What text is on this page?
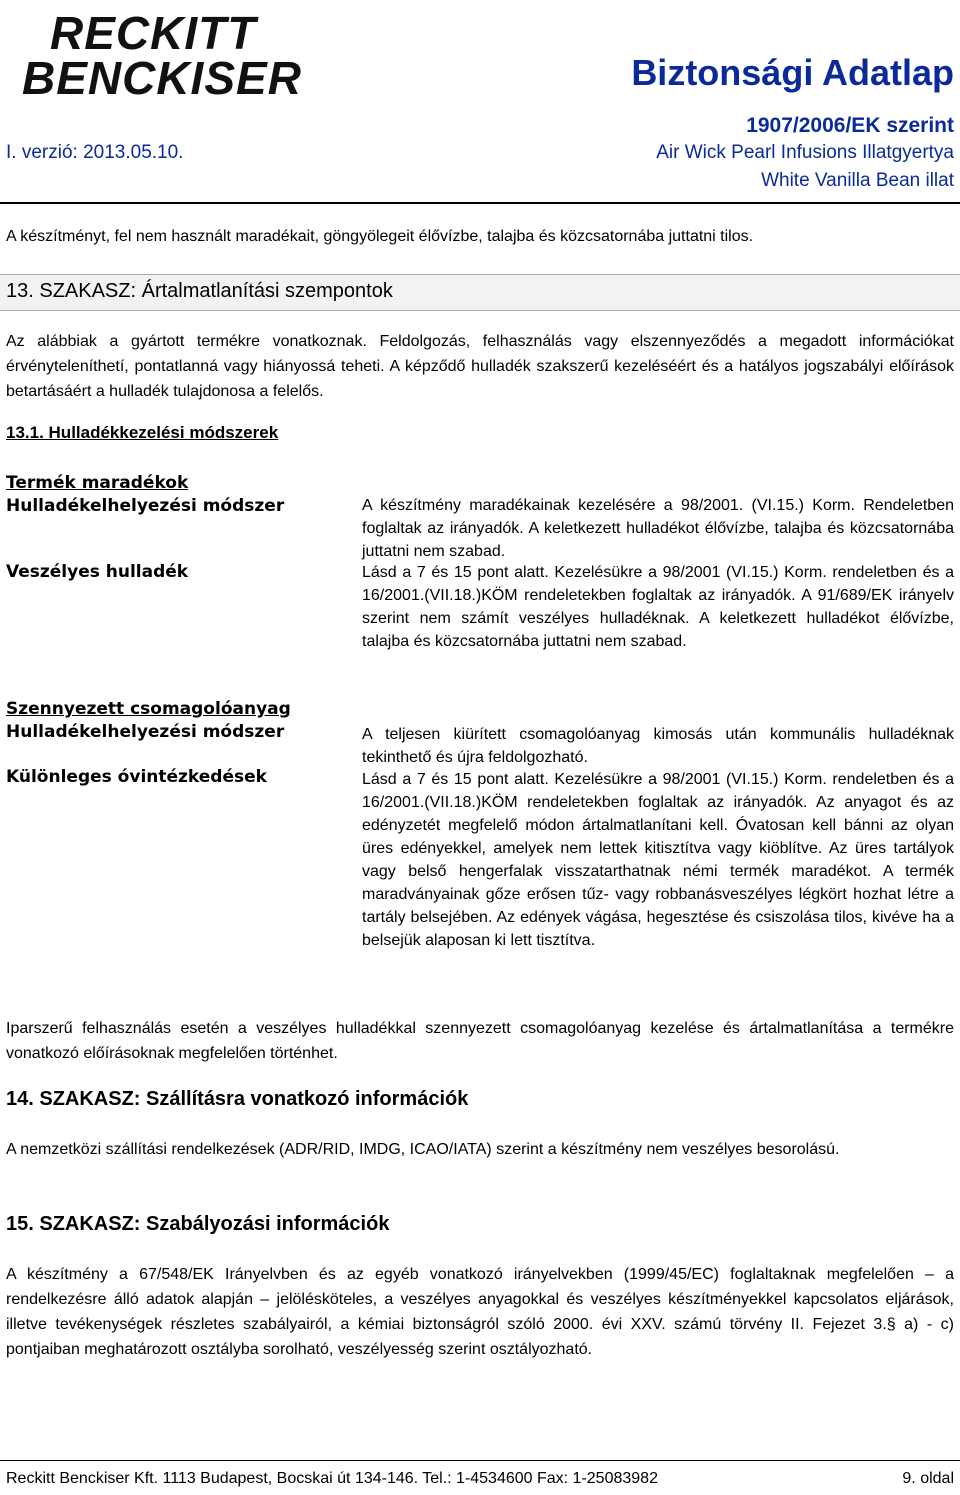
RECKITT
BENCKISER
I. verzió: 2013.05.10.
Biztonsági Adatlap
1907/2006/EK szerint
Air Wick Pearl Infusions Illatgyertya
White Vanilla Bean illat
A készítményt, fel nem használt maradékait, göngyölegeit élővízbe, talajba és közcsatornába juttatni tilos.
13. SZAKASZ: Ártalmatlanítási szempontok
Az alábbiak a gyártott termékre vonatkoznak. Feldolgozás, felhasználás vagy elszennyeződés a megadott információkat érvényteleníthetí, pontatlanná vagy hiányossá teheti. A képződő hulladék szakszerű kezeléséért és a hatályos jogszabályi előírások betartásáért a hulladék tulajdonosa a felelős.
13.1. Hulladékkezelési módszerek
Termék maradékok
Hulladékelhelyezési módszer	A készítmény maradékainak kezelésére a 98/2001. (VI.15.) Korm. Rendeletben foglaltak az irányadók. A keletkezett hulladékot élővízbe, talajba és közcsatornába juttatni nem szabad.
Veszélyes hulladék	Lásd a 7 és 15 pont alatt. Kezelésükre a 98/2001 (VI.15.) Korm. rendeletben és a 16/2001.(VII.18.)KÖM rendeletekben foglaltak az irányadók. A 91/689/EK irányelv szerint nem számít veszélyes hulladéknak. A keletkezett hulladékot élővízbe, talajba és közcsatornába juttatni nem szabad.
Szennyezett csomagolóanyag
Hulladékelhelyezési módszer	A teljesen kiürített csomagolóanyag kimosás után kommunális hulladéknak tekinthető és újra feldolgozható.
Különleges óvintézkedések	Lásd a 7 és 15 pont alatt. Kezelésükre a 98/2001 (VI.15.) Korm. rendeletben és a 16/2001.(VII.18.)KÖM rendeletekben foglaltak az irányadók. Az anyagot és az edényzetét megfelelő módon ártalmatlanítani kell. Óvatosan kell bánni az olyan üres edényekkel, amelyek nem lettek kitisztítva vagy kiöblítve. Az üres tartályok vagy belső hengerfalak visszatarthatnak némi termék maradékot. A termék maradványainak gőze erősen tűz- vagy robbanásveszélyes légkört hozhat létre a tartály belsejében. Az edények vágása, hegesztése és csiszolása tilos, kivéve ha a belsejük alaposan ki lett tisztítva.
Iparszerű felhasználás esetén a veszélyes hulladékkal szennyezett csomagolóanyag kezelése és ártalmatlanítása a termékre vonatkozó előírásoknak megfelelően történhet.
14. SZAKASZ: Szállításra vonatkozó információk
A nemzetközi szállítási rendelkezések (ADR/RID, IMDG, ICAO/IATA) szerint a készítmény nem veszélyes besorolású.
15. SZAKASZ: Szabályozási információk
A készítmény a 67/548/EK Irányelvben és az egyéb vonatkozó irányelvekben (1999/45/EC) foglaltaknak megfelelően – a rendelkezésre álló adatok alapján – jelölésköteles, a veszélyes anyagokkal és veszélyes készítményekkel kapcsolatos eljárások, illetve tevékenységek részletes szabályairól, a kémiai biztonságról szóló 2000. évi XXV. számú törvény II. Fejezet 3.§ a) - c) pontjaiban meghatározott osztályba sorolható, veszélyesség szerint osztályozható.
Reckitt Benckiser Kft. 1113 Budapest, Bocskai út 134-146. Tel.: 1-4534600 Fax: 1-25083982	9. oldal
